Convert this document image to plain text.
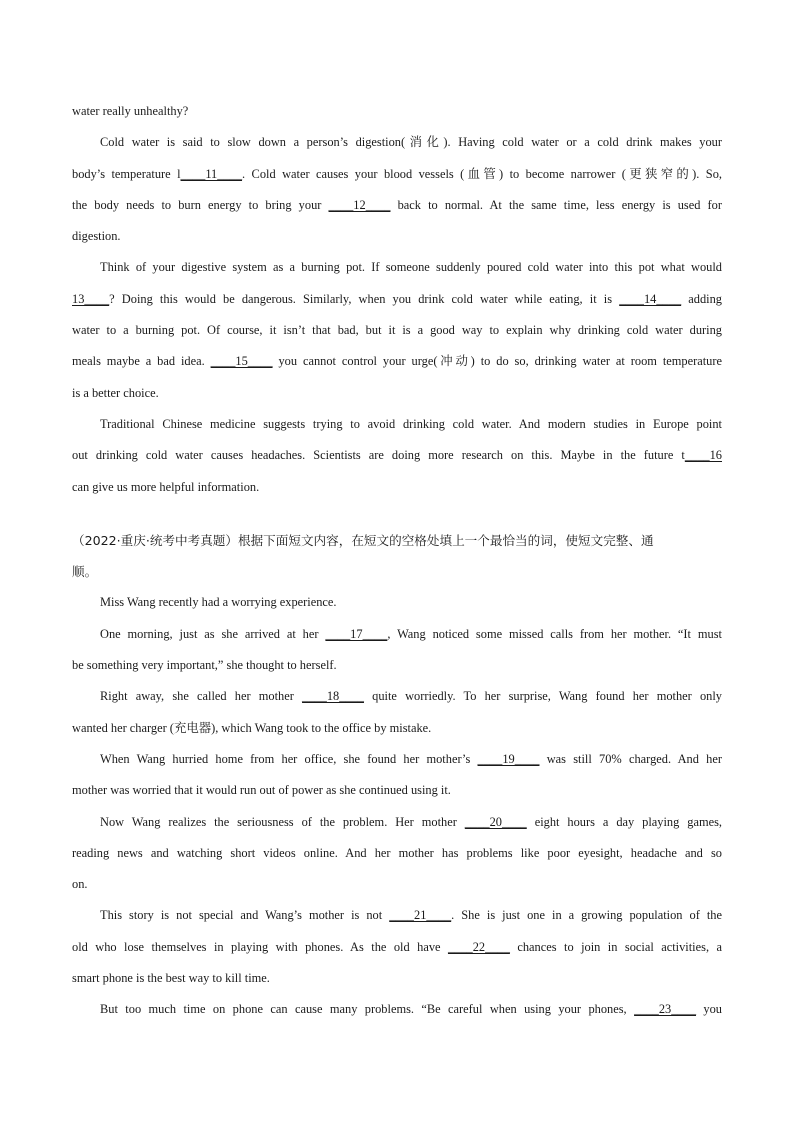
water really unhealthy?
Cold water is said to slow down a person’s digestion(消化). Having cold water or a cold drink makes your
body’s temperature l____11____. Cold water causes your blood vessels (血管) to become narrower (更狭窄的). So,
the body needs to burn energy to bring your ____12____ back to normal. At the same time, less energy is used for
digestion.
Think of your digestive system as a burning pot. If someone suddenly poured cold water into this pot what would
13____? Doing this would be dangerous. Similarly, when you drink cold water while eating, it is ____14____ adding
water to a burning pot. Of course, it isn’t that bad, but it is a good way to explain why drinking cold water during
meals maybe a bad idea. ____15____ you cannot control your urge(冲动) to do so, drinking water at room temperature
is a better choice.
Traditional Chinese medicine suggests trying to avoid drinking cold water. And modern studies in Europe point
out drinking cold water causes headaches. Scientists are doing more research on this. Maybe in the future t____16
can give us more helpful information.
（2022·重庆·统考中考真题）根据下面短文内容，在短文的空格处填上一个最恰当的词，使短文完整、通
顺。
Miss Wang recently had a worrying experience.
One morning, just as she arrived at her ____17____, Wang noticed some missed calls from her mother. “It must
be something very important,” she thought to herself.
Right away, she called her mother ____18____ quite worriedly. To her surprise, Wang found her mother only
wanted her charger (充电器), which Wang took to the office by mistake.
When Wang hurried home from her office, she found her mother’s ____19____ was still 70% charged. And her
mother was worried that it would run out of power as she continued using it.
Now Wang realizes the seriousness of the problem. Her mother ____20____ eight hours a day playing games,
reading news and watching short videos online. And her mother has problems like poor eyesight, headache and so
on.
This story is not special and Wang’s mother is not ____21____. She is just one in a growing population of the
old who lose themselves in playing with phones. As the old have ____22____ chances to join in social activities, a
smart phone is the best way to kill time.
But too much time on phone can cause many problems. “Be careful when using your phones, ____23____ you
